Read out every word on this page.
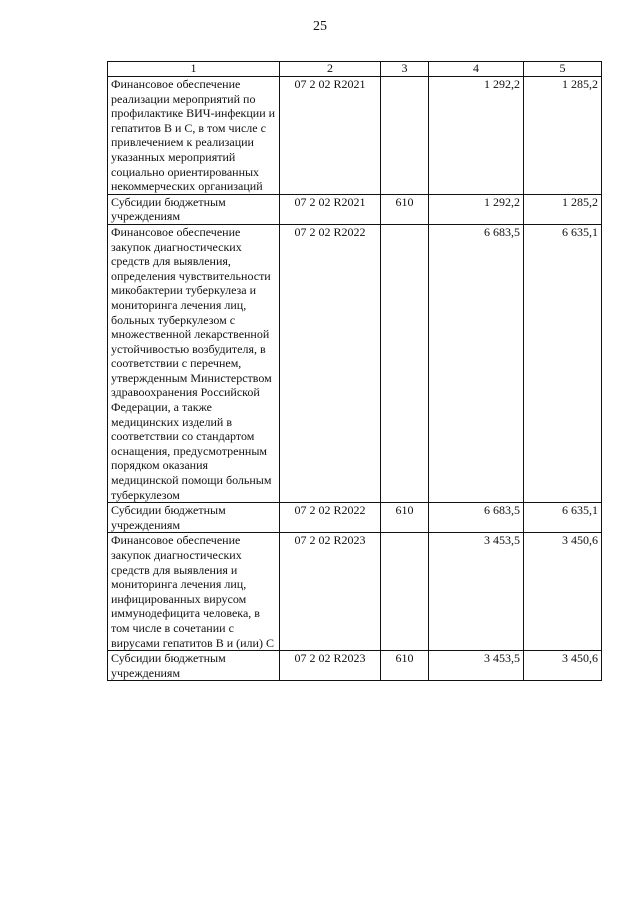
25
1	2	3	4	5
Финансовое обеспечение реализации мероприятий по профилактике ВИЧ-инфекции и гепатитов В и С, в том числе с привлечением к реализации указанных мероприятий социально ориентированных некоммерческих организаций	07 2 02 R2021		1 292,2	1 285,2
Субсидии бюджетным учреждениям	07 2 02 R2021	610	1 292,2	1 285,2
Финансовое обеспечение закупок диагностических средств для выявления, определения чувствительности микобактерии туберкулеза и мониторинга лечения лиц, больных туберкулезом с множественной лекарственной устойчивостью возбудителя, в соответствии с перечнем, утвержденным Министерством здравоохранения Российской Федерации, а также медицинских изделий в соответствии со стандартом оснащения, предусмотренным порядком оказания медицинской помощи больным туберкулезом	07 2 02 R2022		6 683,5	6 635,1
Субсидии бюджетным учреждениям	07 2 02 R2022	610	6 683,5	6 635,1
Финансовое обеспечение закупок диагностических средств для выявления и мониторинга лечения лиц, инфицированных вирусом иммунодефицита человека, в том числе в сочетании с вирусами гепатитов В и (или) С	07 2 02 R2023		3 453,5	3 450,6
Субсидии бюджетным учреждениям	07 2 02 R2023	610	3 453,5	3 450,6
